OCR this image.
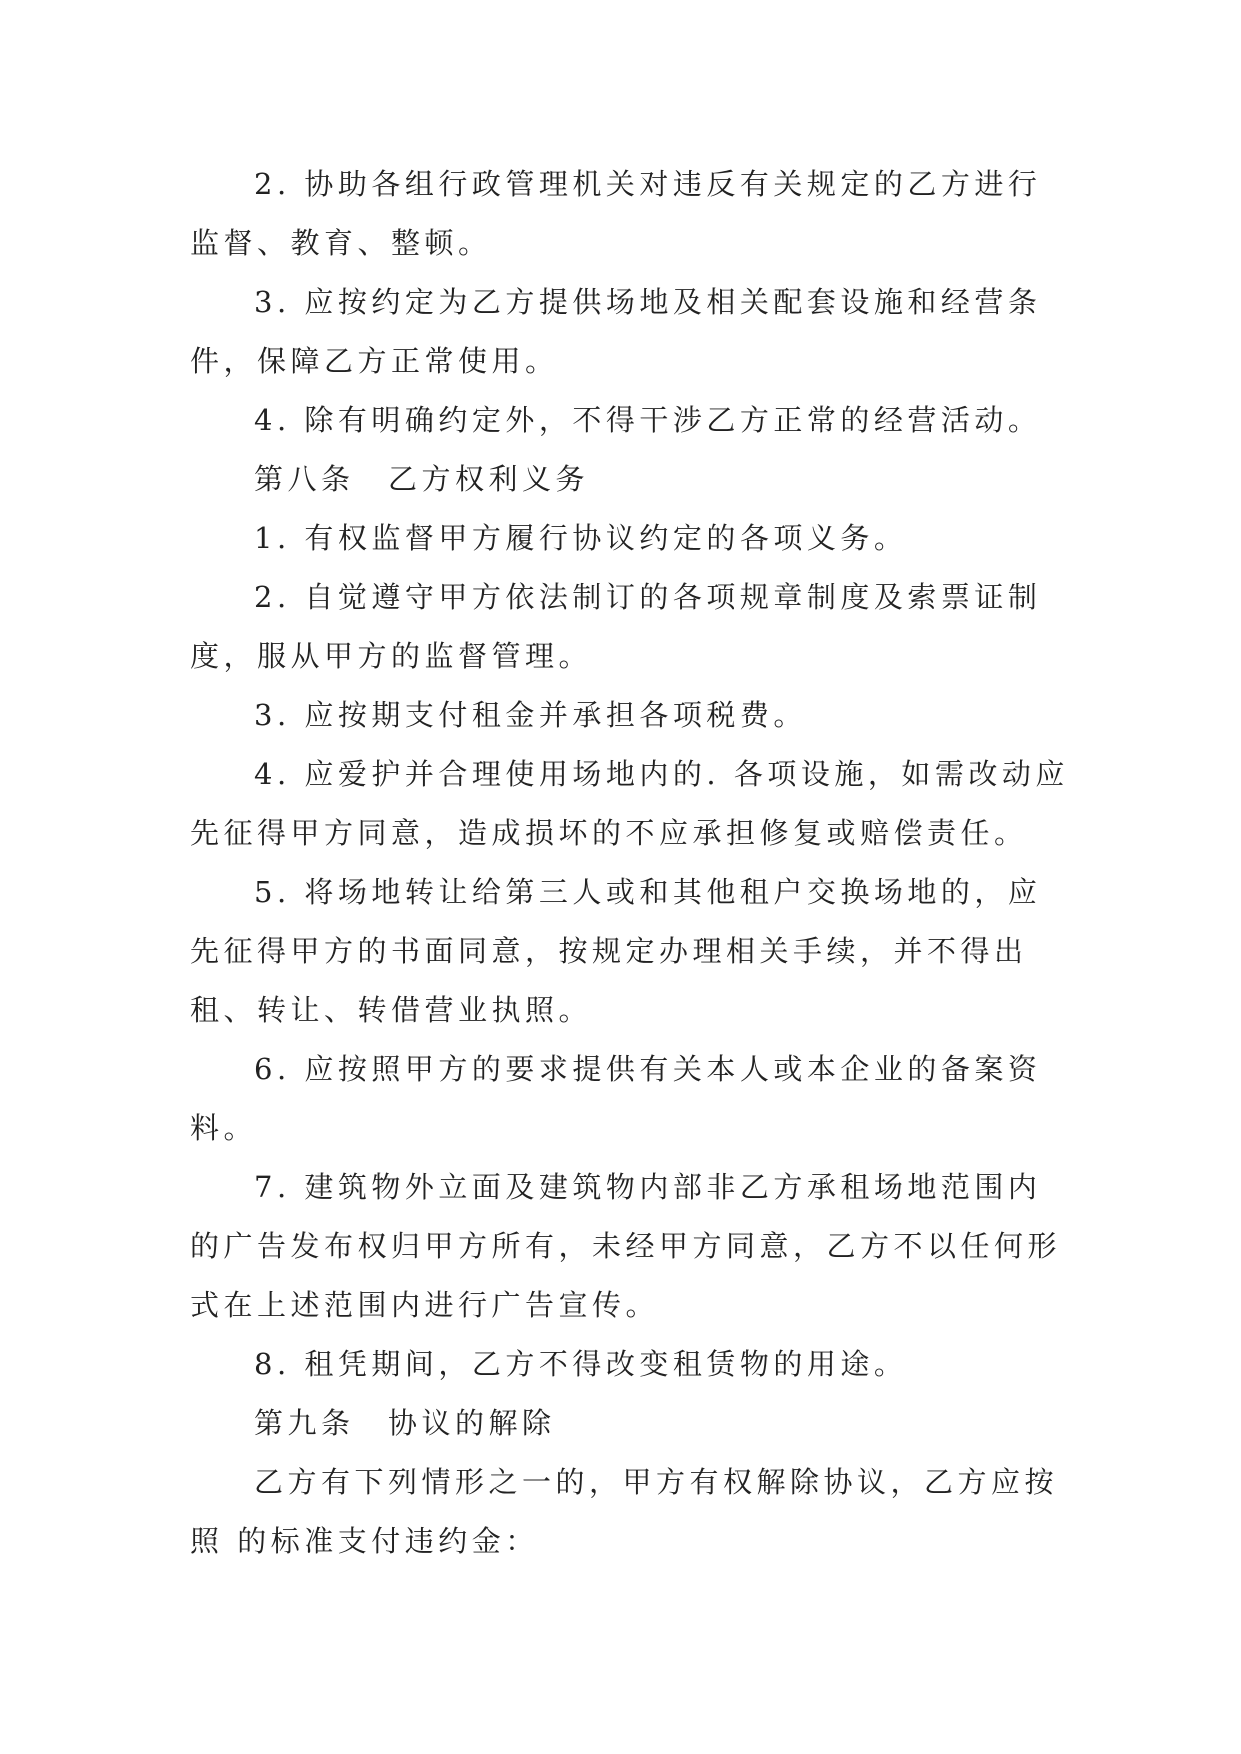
2. 协助各组行政管理机关对违反有关规定的乙方进行监督、教育、整顿。

3. 应按约定为乙方提供场地及相关配套设施和经营条件，保障乙方正常使用。

4. 除有明确约定外，不得干涉乙方正常的经营活动。

第八条　乙方权利义务

1. 有权监督甲方履行协议约定的各项义务。

2. 自觉遵守甲方依法制订的各项规章制度及索票证制度，服从甲方的监督管理。

3. 应按期支付租金并承担各项税费。

4. 应爱护并合理使用场地内的. 各项设施，如需改动应先征得甲方同意，造成损坏的不应承担修复或赔偿责任。

5. 将场地转让给第三人或和其他租户交换场地的，应先征得甲方的书面同意，按规定办理相关手续，并不得出租、转让、转借营业执照。

6. 应按照甲方的要求提供有关本人或本企业的备案资料。

7. 建筑物外立面及建筑物内部非乙方承租场地范围内的广告发布权归甲方所有，未经甲方同意，乙方不以任何形式在上述范围内进行广告宣传。

8. 租凭期间，乙方不得改变租赁物的用途。

第九条　协议的解除

乙方有下列情形之一的，甲方有权解除协议，乙方应按照 的标准支付违约金：
